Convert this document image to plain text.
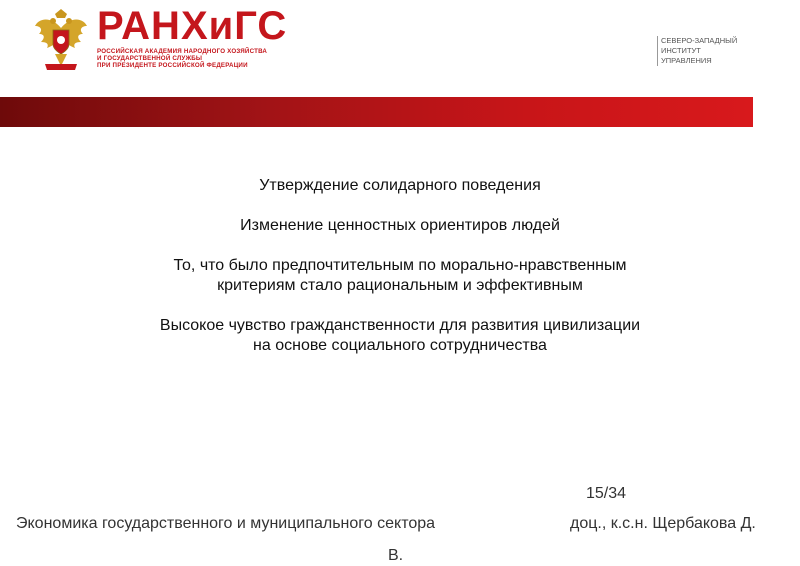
РАНХиГС
РОССИЙСКАЯ АКАДЕМИЯ НАРОДНОГО ХОЗЯЙСТВА
И ГОСУДАРСТВЕННОЙ СЛУЖБЫ
ПРИ ПРЕЗИДЕНТЕ РОССИЙСКОЙ ФЕДЕРАЦИИ
СЕВЕРО-ЗАПАДНЫЙ
ИНСТИТУТ
УПРАВЛЕНИЯ

Утверждение солидарного поведения

Изменение ценностных ориентиров людей

То, что было предпочтительным по морально-нравственным
критериям стало рациональным и эффективным

Высокое чувство гражданственности для развития цивилизации
на основе социального сотрудничества

15/34
Экономика государственного и муниципального сектора	доц., к.с.н. Щербакова Д.
В.
